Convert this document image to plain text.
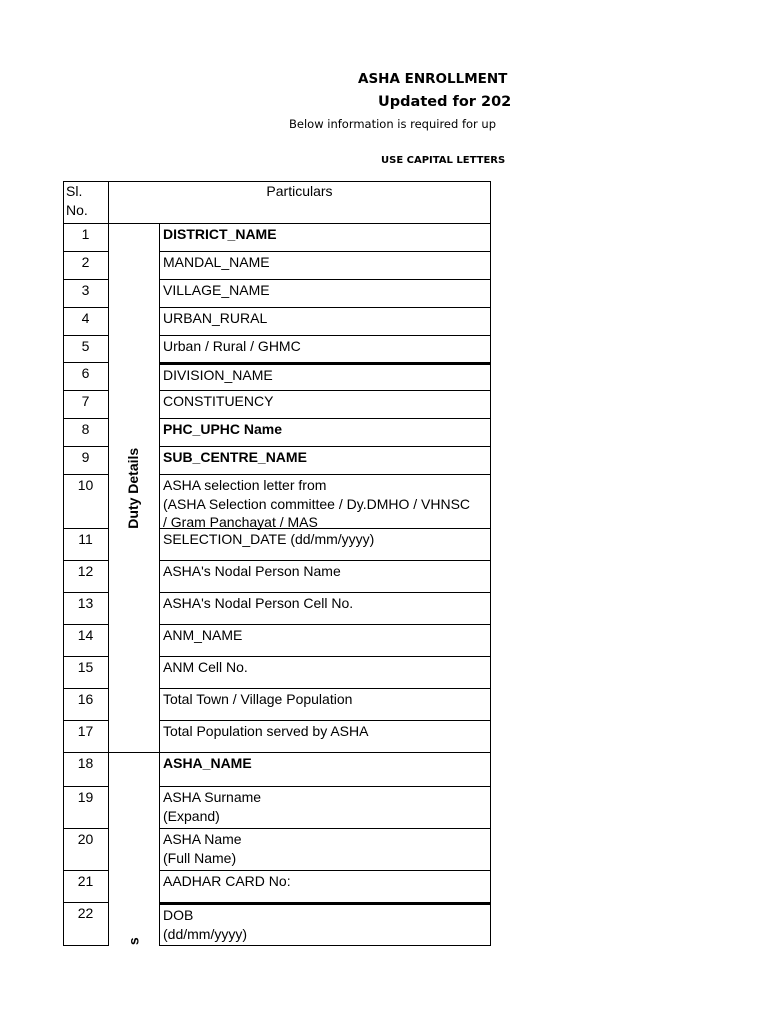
ASHA ENROLLMENT
Updated for 202
Below information is required for up
USE CAPITAL LETTERS
Sl.
No.
Particulars
Duty Details
s
1	DISTRICT_NAME
2	MANDAL_NAME
3	VILLAGE_NAME
4	URBAN_RURAL
5	Urban / Rural / GHMC
6	DIVISION_NAME
7	CONSTITUENCY
8	PHC_UPHC Name
9	SUB_CENTRE_NAME
10	ASHA selection letter from
(ASHA Selection committee / Dy.DMHO / VHNSC
/ Gram Panchayat / MAS
11	SELECTION_DATE (dd/mm/yyyy)
12	ASHA's Nodal Person Name
13	ASHA's Nodal Person Cell No.
14	ANM_NAME
15	ANM Cell No.
16	Total Town / Village Population
17	Total Population served by ASHA
18	ASHA_NAME
19	ASHA Surname
(Expand)
20	ASHA Name
(Full Name)
21	AADHAR CARD No:
22	DOB
(dd/mm/yyyy)
